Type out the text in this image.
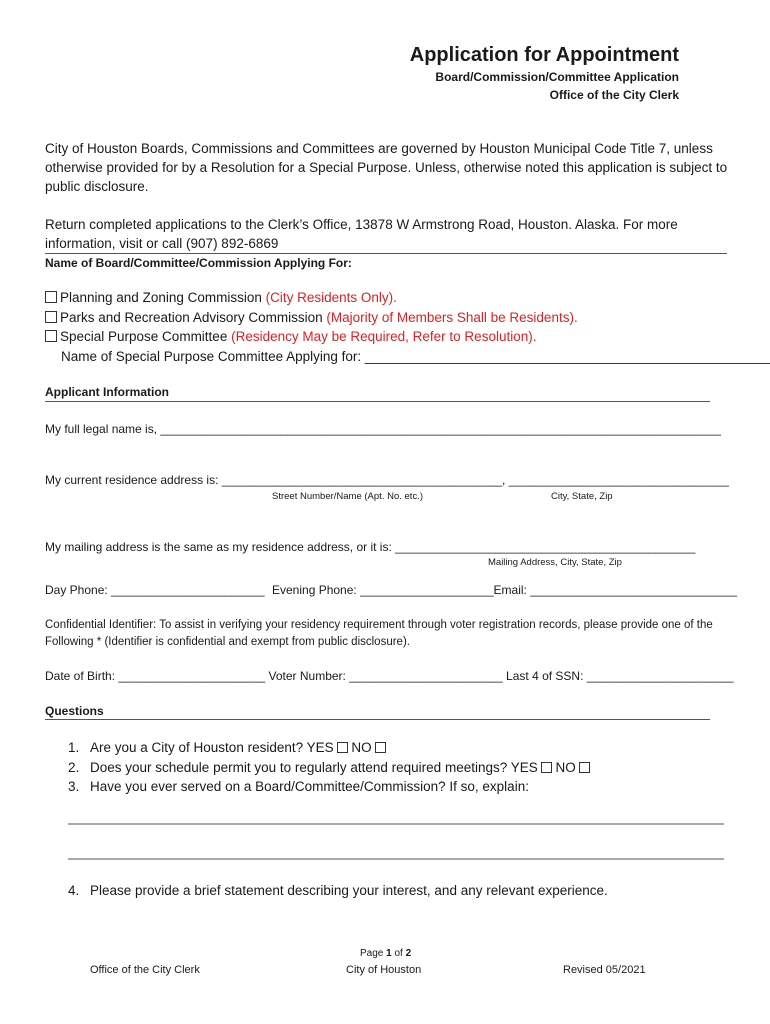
Application for Appointment
Board/Commission/Committee Application
Office of the City Clerk
City of Houston Boards, Commissions and Committees are governed by Houston Municipal Code Title 7, unless otherwise provided for by a Resolution for a Special Purpose. Unless, otherwise noted this application is subject to public disclosure.
Return completed applications to the Clerk’s Office, 13878 W Armstrong Road, Houston. Alaska. For more information, visit or call (907) 892-6869
Name of Board/Committee/Commission Applying For:
Planning and Zoning Commission (City Residents Only).
Parks and Recreation Advisory Commission (Majority of Members Shall be Residents).
Special Purpose Committee (Residency May be Required, Refer to Resolution).
Name of Special Purpose Committee Applying for: ______________________________________________________
Applicant Information
My full legal name is, ____________________________________________________________________________________
My current residence address is: __________________________________________, _________________________________
Street Number/Name (Apt. No. etc.)	City, State, Zip
My mailing address is the same as my residence address, or it is: _____________________________________________
Mailing Address, City, State, Zip
Day Phone: _______________________ Evening Phone: ____________________Email: _______________________________
Confidential Identifier: To assist in verifying your residency requirement through voter registration records, please provide one of the Following * (Identifier is confidential and exempt from public disclosure).
Date of Birth: ______________________ Voter Number: _______________________ Last 4 of SSN: ______________________
Questions
1. Are you a City of Houston resident? YES NO
2. Does your schedule permit you to regularly attend required meetings? YES NO
3. Have you ever served on a Board/Committee/Commission? If so, explain:
4. Please provide a brief statement describing your interest, and any relevant experience.
Office of the City Clerk
Page 1 of 2
City of Houston	Revised 05/2021
